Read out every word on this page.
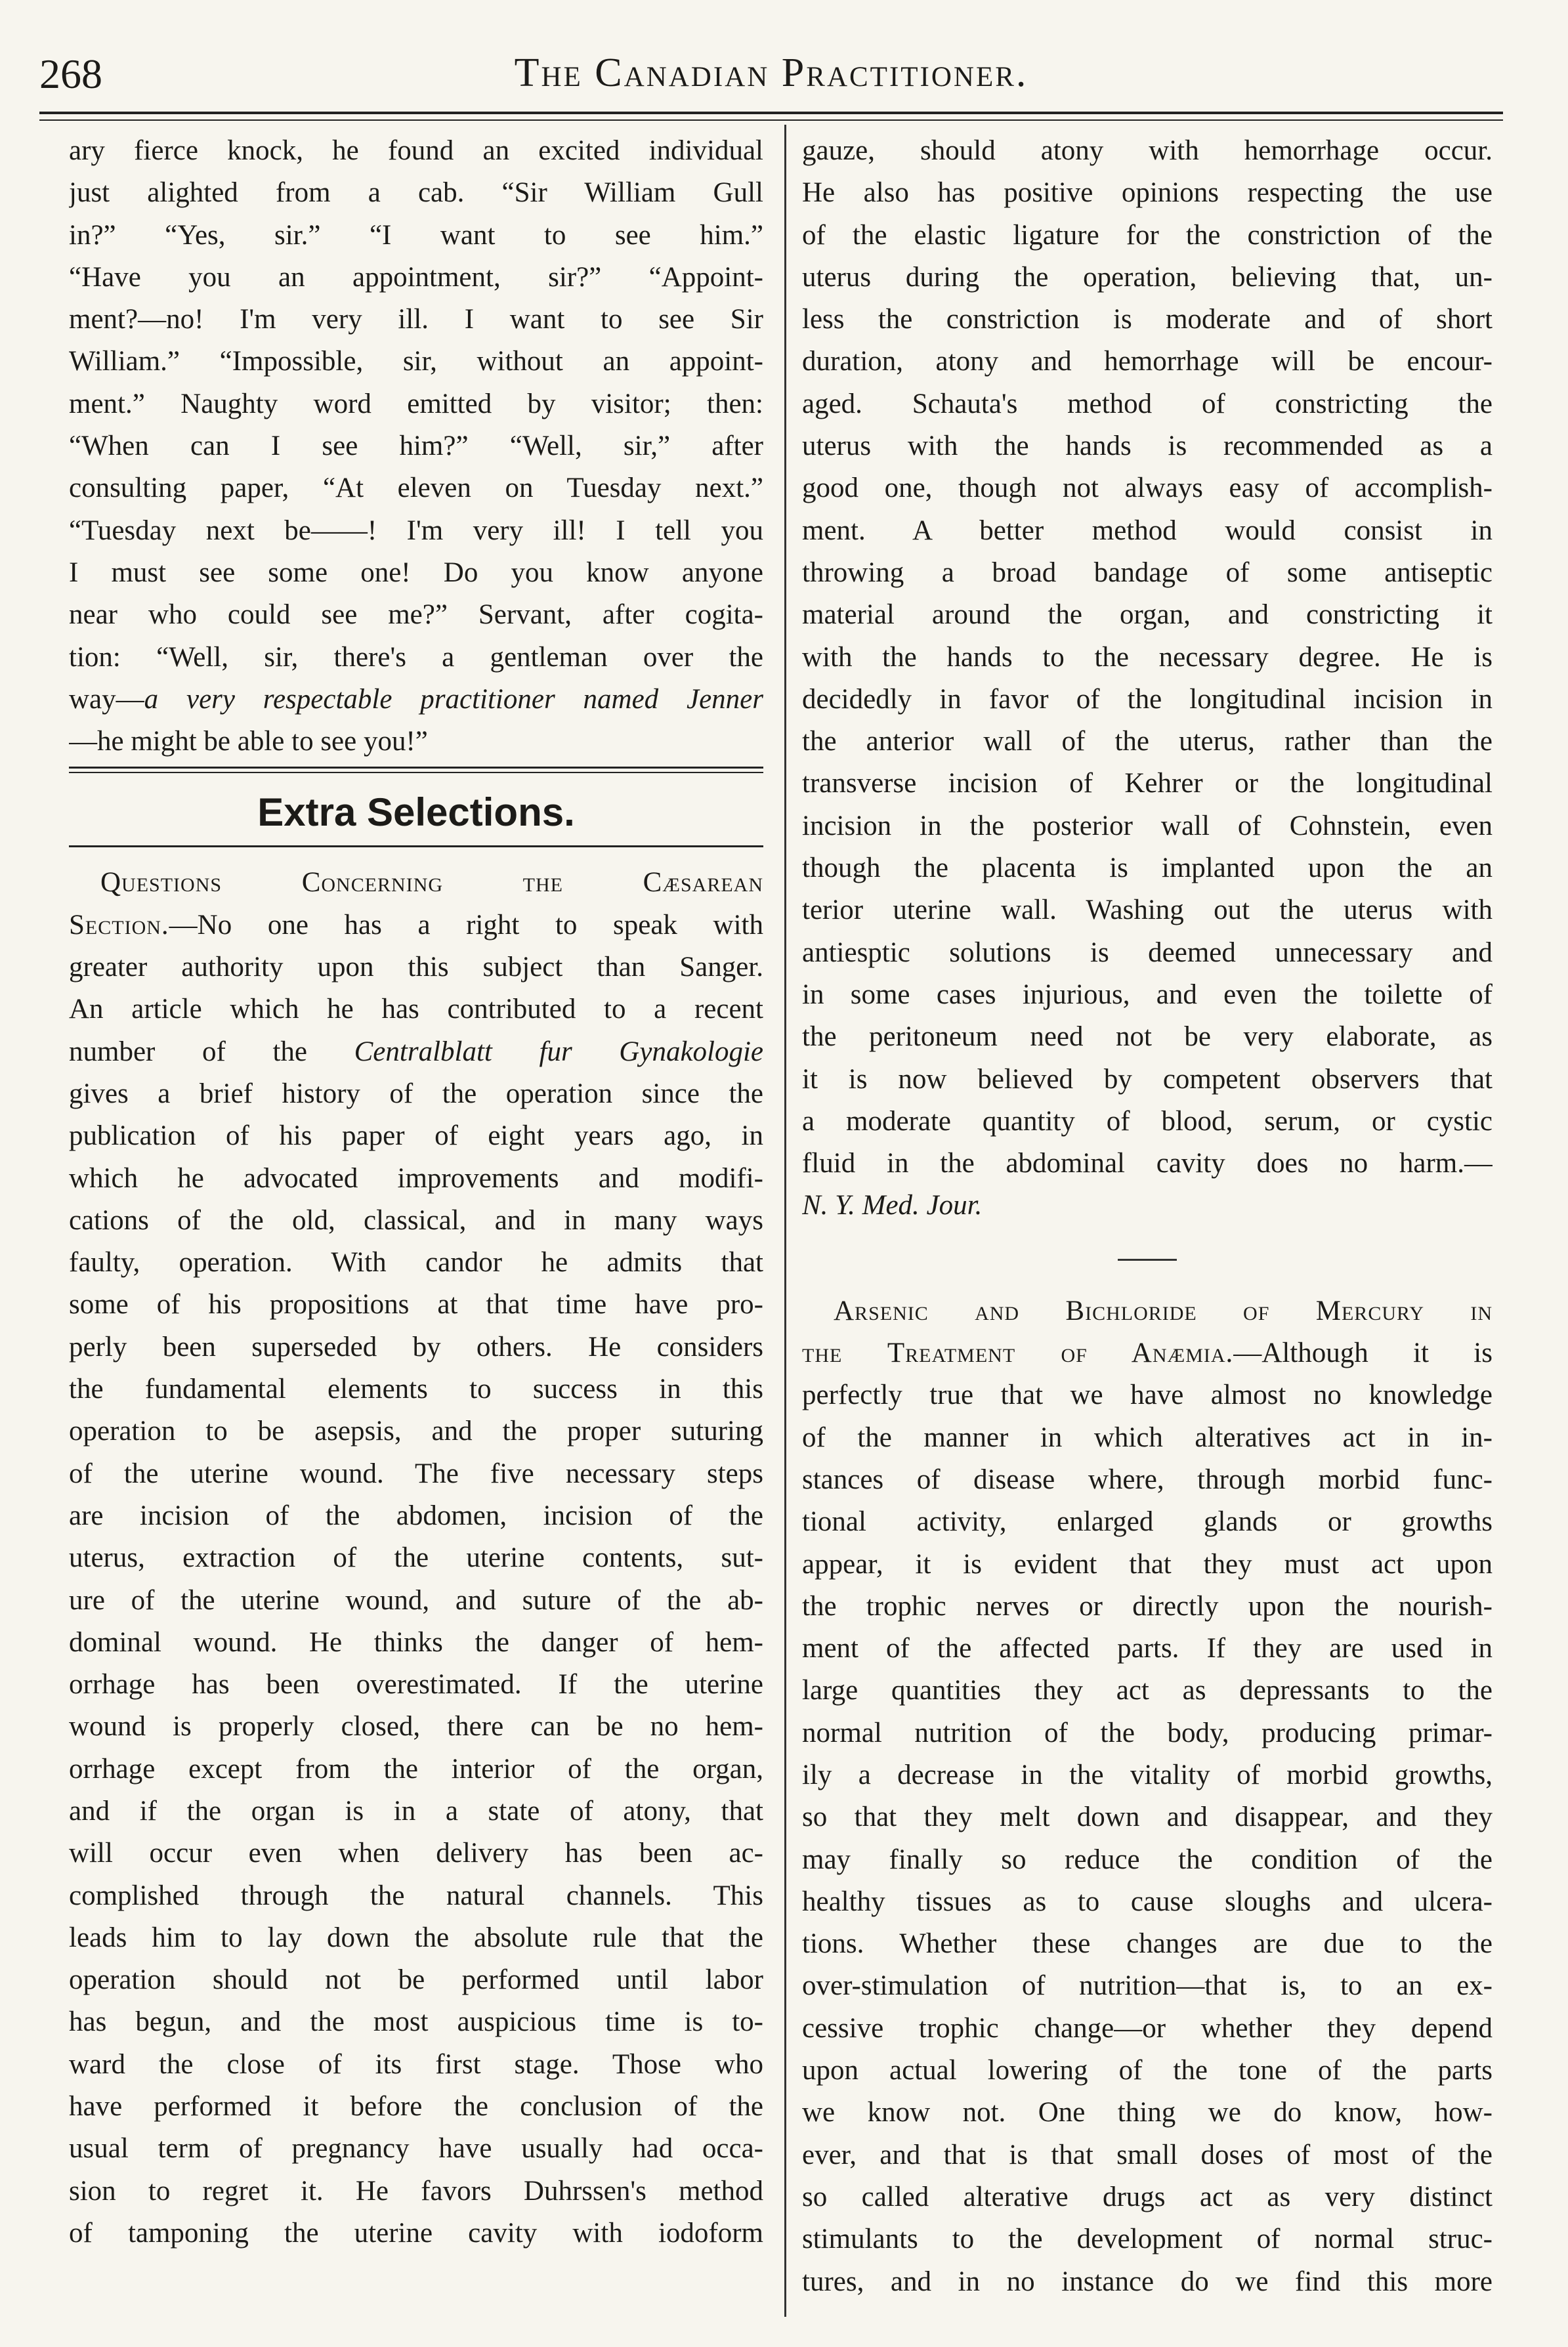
268	The Canadian Practitioner.
ary fierce knock, he found an excited individual
just alighted from a cab. “Sir William Gull
in?” “Yes, sir.” “I want to see him.”
“Have you an appointment, sir?” “Appoint-
ment?—no! I'm very ill. I want to see Sir
William.” “Impossible, sir, without an appoint-
ment.” Naughty word emitted by visitor; then:
“When can I see him?” “Well, sir,” after
consulting paper, “At eleven on Tuesday next.”
“Tuesday next be——! I'm very ill! I tell you
I must see some one! Do you know anyone
near who could see me?” Servant, after cogita-
tion: “Well, sir, there's a gentleman over the
way—a very respectable practitioner named Jenner
—he might be able to see you!”
Extra Selections.
Questions Concerning the Cæsarean
Section.—No one has a right to speak with
greater authority upon this subject than Sanger.
An article which he has contributed to a recent
number of the Centralblatt fur Gynakologie
gives a brief history of the operation since the
publication of his paper of eight years ago, in
which he advocated improvements and modifi-
cations of the old, classical, and in many ways
faulty, operation. With candor he admits that
some of his propositions at that time have pro-
perly been superseded by others. He considers
the fundamental elements to success in this
operation to be asepsis, and the proper suturing
of the uterine wound. The five necessary steps
are incision of the abdomen, incision of the
uterus, extraction of the uterine contents, sut-
ure of the uterine wound, and suture of the ab-
dominal wound. He thinks the danger of hem-
orrhage has been overestimated. If the uterine
wound is properly closed, there can be no hem-
orrhage except from the interior of the organ,
and if the organ is in a state of atony, that
will occur even when delivery has been ac-
complished through the natural channels. This
leads him to lay down the absolute rule that the
operation should not be performed until labor
has begun, and the most auspicious time is to-
ward the close of its first stage. Those who
have performed it before the conclusion of the
usual term of pregnancy have usually had occa-
sion to regret it. He favors Duhrssen's method
of tamponing the uterine cavity with iodoform
gauze, should atony with hemorrhage occur.
He also has positive opinions respecting the use
of the elastic ligature for the constriction of the
uterus during the operation, believing that, un-
less the constriction is moderate and of short
duration, atony and hemorrhage will be encour-
aged. Schauta's method of constricting the
uterus with the hands is recommended as a
good one, though not always easy of accomplish-
ment. A better method would consist in
throwing a broad bandage of some antiseptic
material around the organ, and constricting it
with the hands to the necessary degree. He is
decidedly in favor of the longitudinal incision in
the anterior wall of the uterus, rather than the
transverse incision of Kehrer or the longitudinal
incision in the posterior wall of Cohnstein, even
though the placenta is implanted upon the an
terior uterine wall. Washing out the uterus with
antiesptic solutions is deemed unnecessary and
in some cases injurious, and even the toilette of
the peritoneum need not be very elaborate, as
it is now believed by competent observers that
a moderate quantity of blood, serum, or cystic
fluid in the abdominal cavity does no harm.—
N. Y. Med. Jour.
Arsenic and Bichloride of Mercury in
the Treatment of Anæmia.—Although it is
perfectly true that we have almost no knowledge
of the manner in which alteratives act in in-
stances of disease where, through morbid func-
tional activity, enlarged glands or growths
appear, it is evident that they must act upon
the trophic nerves or directly upon the nourish-
ment of the affected parts. If they are used in
large quantities they act as depressants to the
normal nutrition of the body, producing primar-
ily a decrease in the vitality of morbid growths,
so that they melt down and disappear, and they
may finally so reduce the condition of the
healthy tissues as to cause sloughs and ulcera-
tions. Whether these changes are due to the
over-stimulation of nutrition—that is, to an ex-
cessive trophic change—or whether they depend
upon actual lowering of the tone of the parts
we know not. One thing we do know, how-
ever, and that is that small doses of most of the
so called alterative drugs act as very distinct
stimulants to the development of normal struc-
tures, and in no instance do we find this more
